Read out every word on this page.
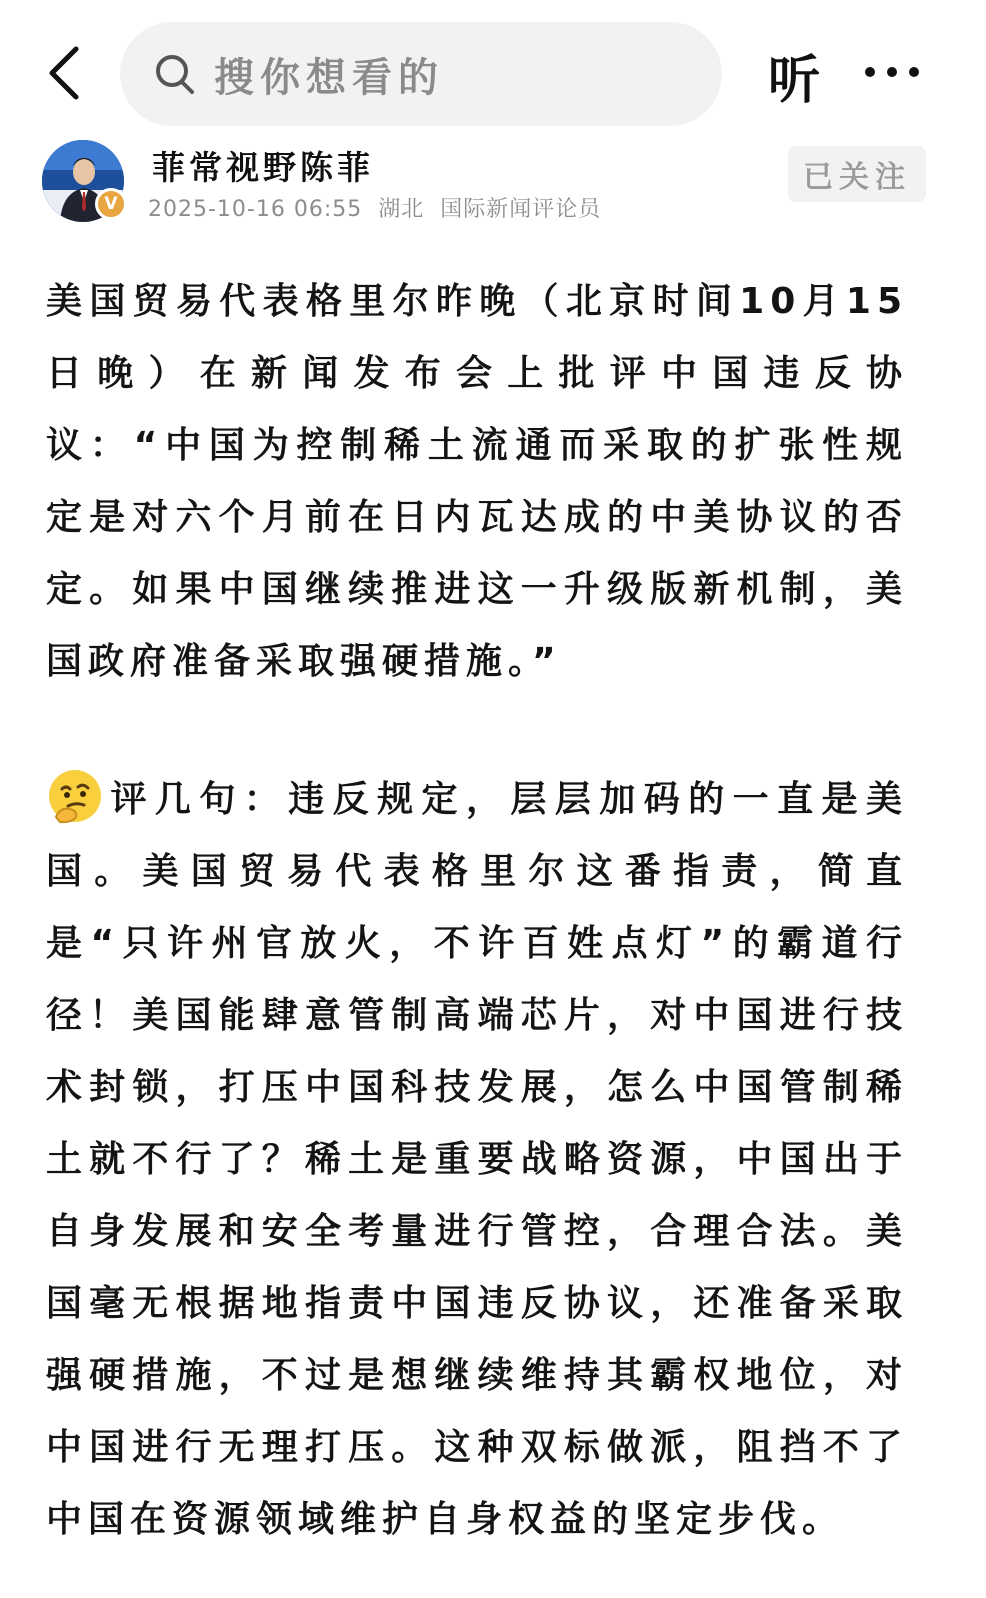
搜你想看的	听
V
菲常视野陈菲
2025-10-16 06:55 湖北 国际新闻评论员
已关注
美国贸易代表格里尔昨晚（北京时间10月15日晚）在新闻发布会上批评中国违反协议：“中国为控制稀土流通而采取的扩张性规定是对六个月前在日内瓦达成的中美协议的否定。如果中国继续推进这一升级版新机制，美国政府准备采取强硬措施。”
评几句：违反规定，层层加码的一直是美国。美国贸易代表格里尔这番指责，简直是“只许州官放火，不许百姓点灯”的霸道行径！美国能肆意管制高端芯片，对中国进行技术封锁，打压中国科技发展，怎么中国管制稀土就不行了？稀土是重要战略资源，中国出于自身发展和安全考量进行管控，合理合法。美国毫无根据地指责中国违反协议，还准备采取强硬措施，不过是想继续维持其霸权地位，对中国进行无理打压。这种双标做派，阻挡不了中国在资源领域维护自身权益的坚定步伐。
